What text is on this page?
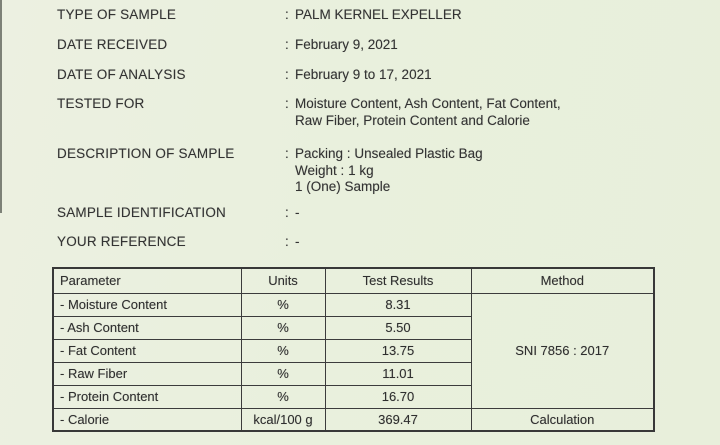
TYPE OF SAMPLE	: PALM KERNEL EXPELLER
DATE RECEIVED	: February 9, 2021
DATE OF ANALYSIS	: February 9 to 17, 2021
TESTED FOR	: Moisture Content, Ash Content, Fat Content,
Raw Fiber, Protein Content and Calorie
DESCRIPTION OF SAMPLE	: Packing : Unsealed Plastic Bag
Weight : 1 kg
1 (One) Sample
SAMPLE IDENTIFICATION	: -
YOUR REFERENCE	: -
Parameter	Units	Test Results	Method
- Moisture Content	%	8.31	SNI 7856 : 2017
- Ash Content	%	5.50	
- Fat Content	%	13.75	
- Raw Fiber	%	11.01	
- Protein Content	%	16.70	
- Calorie	kcal/100 g	369.47	Calculation
